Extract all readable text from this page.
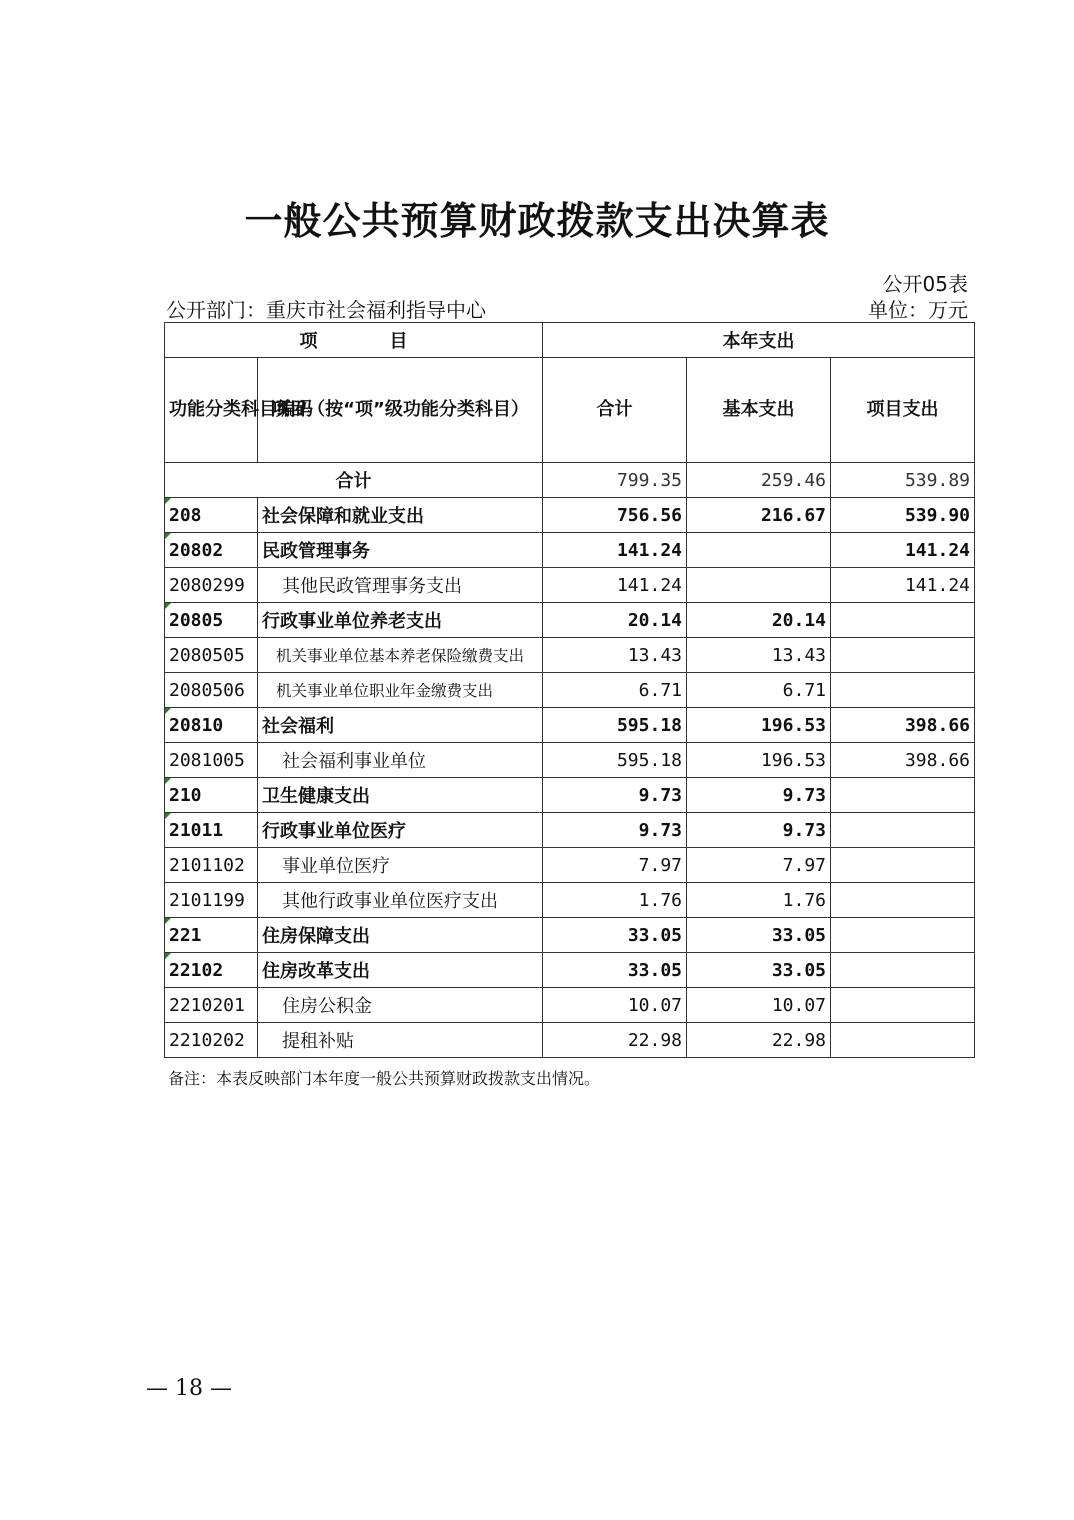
一般公共预算财政拨款支出决算表
公开05表
公开部门：重庆市社会福利指导中心	单位：万元
项　　　　目		本年支出		
功能分类科目编码	项目（按“项”级功能分类科目）	合计	基本支出	项目支出
合计		799.35	259.46	539.89
208	社会保障和就业支出	756.56	216.67	539.90
20802	民政管理事务	141.24		141.24
2080299	其他民政管理事务支出	141.24		141.24
20805	行政事业单位养老支出	20.14	20.14	
2080505	机关事业单位基本养老保险缴费支出	13.43	13.43	
2080506	机关事业单位职业年金缴费支出	6.71	6.71	
20810	社会福利	595.18	196.53	398.66
2081005	社会福利事业单位	595.18	196.53	398.66
210	卫生健康支出	9.73	9.73	
21011	行政事业单位医疗	9.73	9.73	
2101102	事业单位医疗	7.97	7.97	
2101199	其他行政事业单位医疗支出	1.76	1.76	
221	住房保障支出	33.05	33.05	
22102	住房改革支出	33.05	33.05	
2210201	住房公积金	10.07	10.07	
2210202	提租补贴	22.98	22.98	
备注：本表反映部门本年度一般公共预算财政拨款支出情况。
— 18 —
